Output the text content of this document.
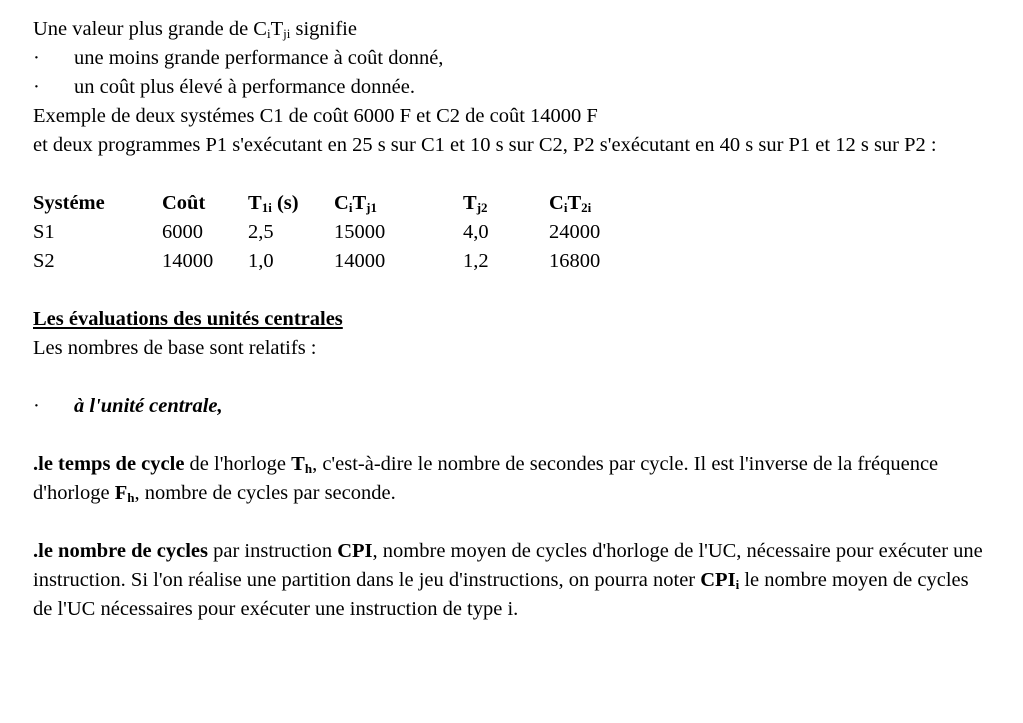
Une valeur plus grande de $C_iT_{ji}$ signifie

·	une moins grande performance à coût donné,
·	un coût plus élevé à performance donnée.

Exemple de deux systémes C1 de coût 6000 F et C2 de coût 14000 F

et deux programmes P1 s'exécutant en 25 s sur C1 et 10 s sur C2, P2 s'exécutant en 40 s sur P1 et 12 s sur P2 :

Systéme	Coût	$T_{1i}$ (s)	$C_iT_{j1}$	$T_{j2}$	$C_iT_{2i}$
S1	6000	2,5	15000	4,0	24000
S2	14000	1,0	14000	1,2	16800

Les évaluations des unités centrales

Les nombres de base sont relatifs :

·	à l'unité centrale,

.le temps de cycle de l'horloge $T_h$, c'est-à-dire le nombre de secondes par cycle. Il est l'inverse de la fréquence d'horloge $F_h$, nombre de cycles par seconde.

.le nombre de cycles par instruction CPI, nombre moyen de cycles d'horloge de l'UC, nécessaire pour exécuter une instruction. Si l'on réalise une partition dans le jeu d'instructions, on pourra noter $CPI_i$ le nombre moyen de cycles de l'UC nécessaires pour exécuter une instruction de type i.
